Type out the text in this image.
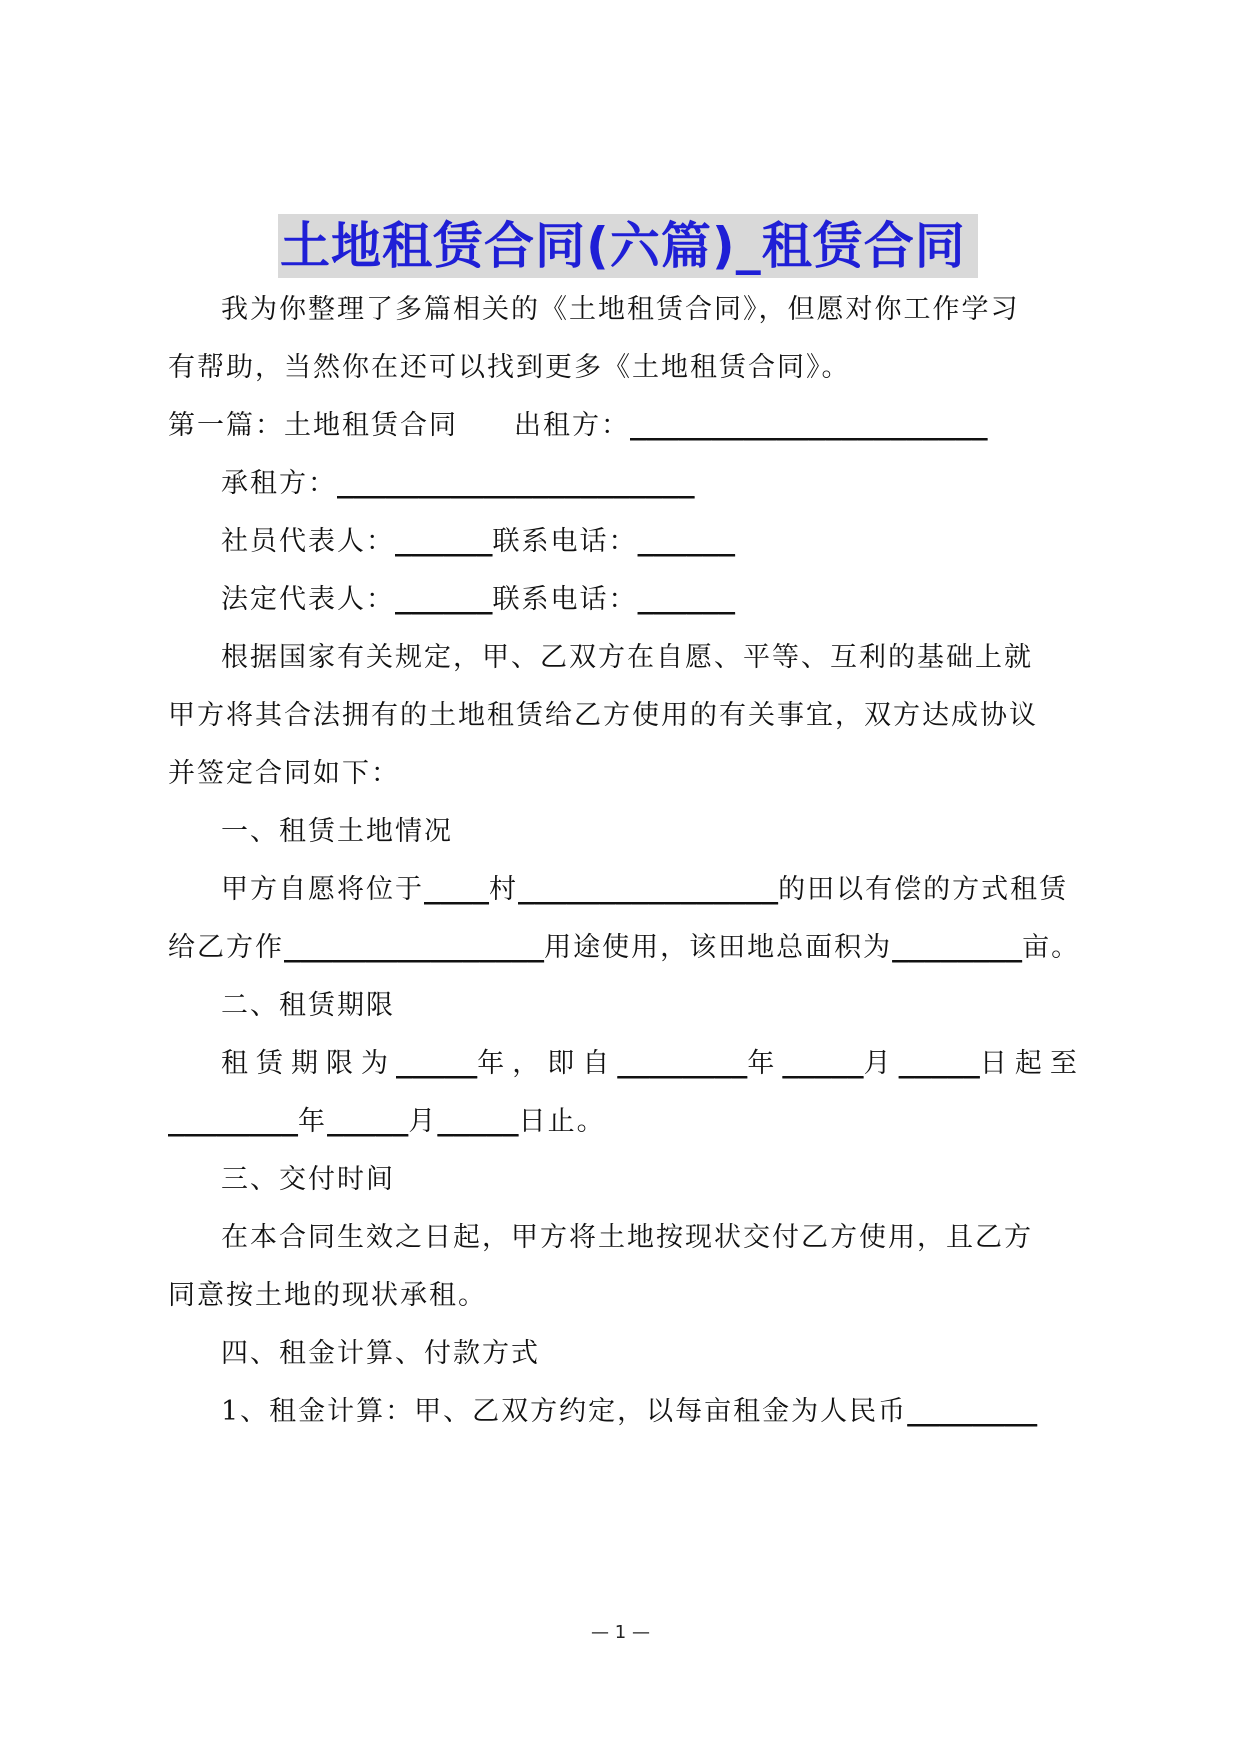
土地租赁合同(六篇)_租赁合同
我为你整理了多篇相关的《土地租赁合同》，但愿对你工作学习
有帮助，当然你在还可以找到更多《土地租赁合同》。
第一篇：土地租赁合同 出租方：______________________
承租方：______________________
社员代表人：______联系电话：______
法定代表人：______联系电话：______
根据国家有关规定，甲、乙双方在自愿、平等、互利的基础上就
甲方将其合法拥有的土地租赁给乙方使用的有关事宜，双方达成协议
并签定合同如下：
一、租赁土地情况
甲方自愿将位于____村________________的田以有偿的方式租赁
给乙方作________________用途使用，该田地总面积为________亩。
二、租赁期限
租赁期限为_____年，即自________年_____月_____日起至
________年_____月_____日止。
三、交付时间
在本合同生效之日起，甲方将土地按现状交付乙方使用，且乙方
同意按土地的现状承租。
四、租金计算、付款方式
1、租金计算：甲、乙双方约定，以每亩租金为人民币________
— 1 —
